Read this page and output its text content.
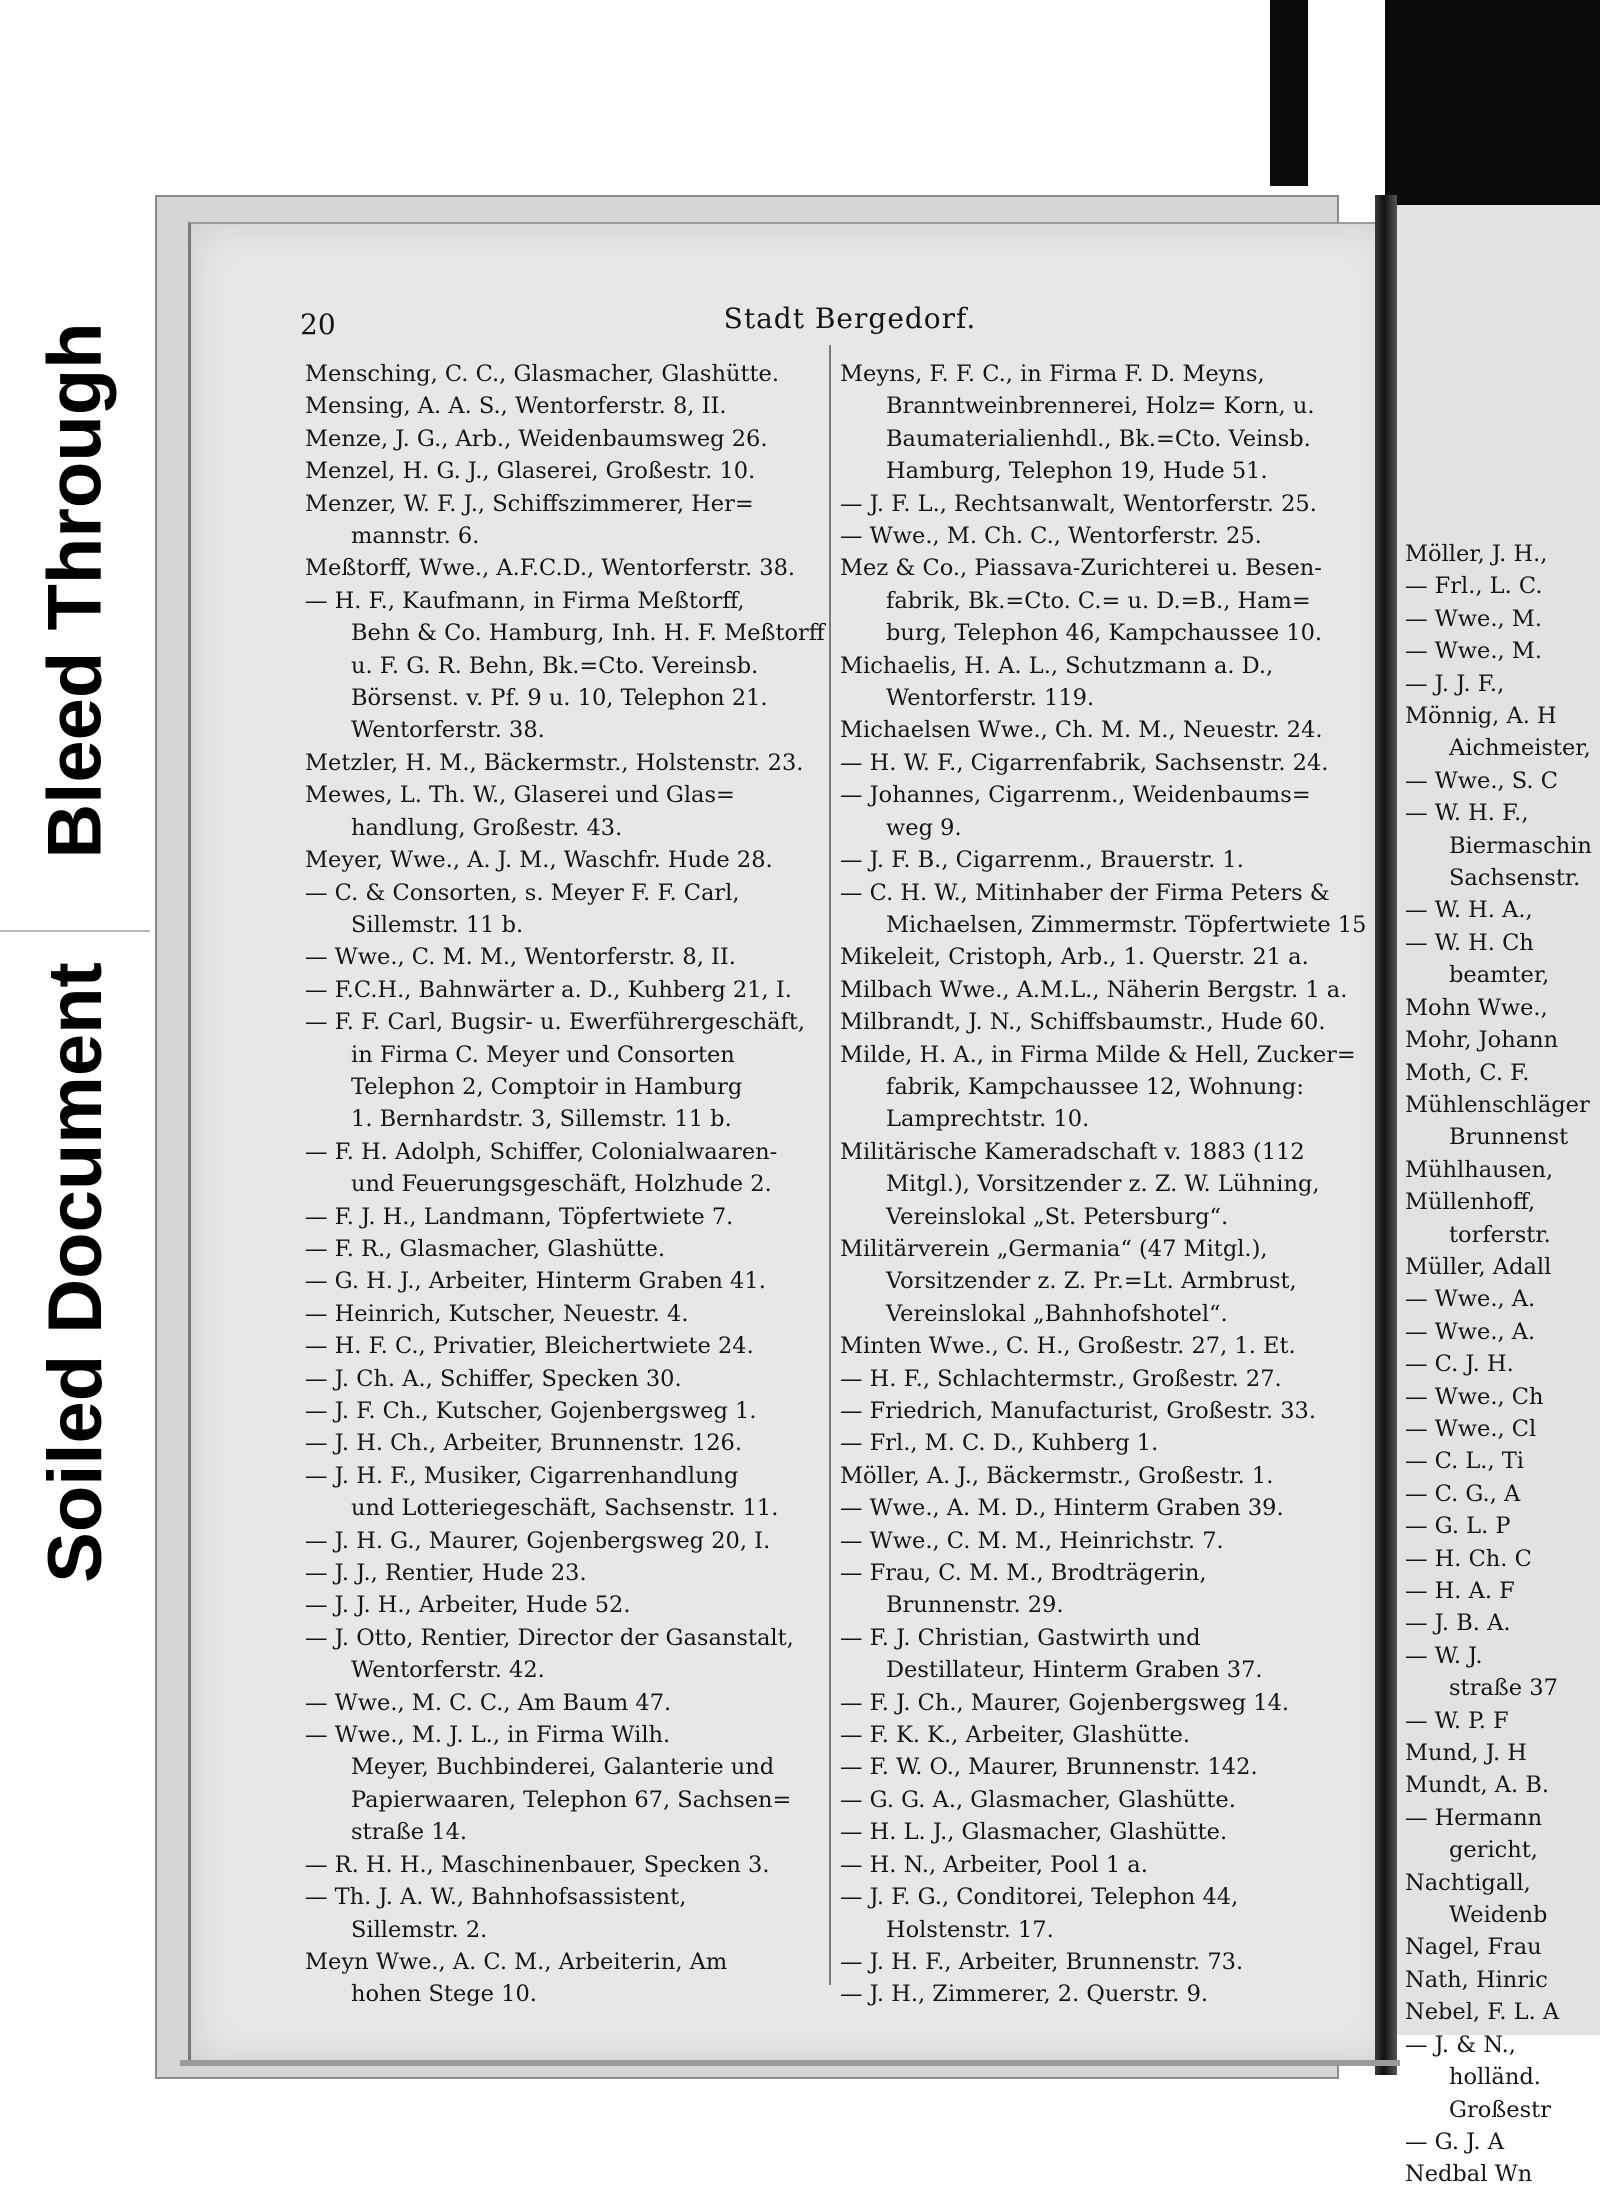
Bleed Through
Soiled Document
Möller, J. H.,
— Frl., L. C.
— Wwe., M.
— Wwe., M.
— J. J. F.,
Mönnig, A. H
Aichmeister,
— Wwe., S. C
— W. H. F.,
Biermaschin
Sachsenstr.
— W. H. A.,
— W. H. Ch
beamter,
Mohn Wwe.,
Mohr, Johann
Moth, C. F.
Mühlenschläger
Brunnenst
Mühlhausen,
Müllenhoff,
torferstr.
Müller, Adall
— Wwe., A.
— Wwe., A.
— C. J. H.
— Wwe., Ch
— Wwe., Cl
— C. L., Ti
— C. G., A
— G. L. P
— H. Ch. C
— H. A. F
— J. B. A.
— W. J.
straße 37
— W. P. F
Mund, J. H
Mundt, A. B.
— Hermann
gericht,
Nachtigall,
Weidenb
Nagel, Frau
Nath, Hinric
Nebel, F. L. A
— J. & N.,
holländ.
Großestr
— G. J. A
Nedbal Wn
20	Stadt Bergedorf.
Mensching, C. C., Glasmacher, Glashütte.
Mensing, A. A. S., Wentorferstr. 8, II.
Menze, J. G., Arb., Weidenbaumsweg 26.
Menzel, H. G. J., Glaserei, Großestr. 10.
Menzer, W. F. J., Schiffszimmerer, Her=
mannstr. 6.
Meßtorff, Wwe., A.F.C.D., Wentorferstr. 38.
— H. F., Kaufmann, in Firma Meßtorff,
Behn & Co. Hamburg, Inh. H. F. Meßtorff
u. F. G. R. Behn, Bk.=Cto. Vereinsb.
Börsenst. v. Pf. 9 u. 10, Telephon 21.
Wentorferstr. 38.
Metzler, H. M., Bäckermstr., Holstenstr. 23.
Mewes, L. Th. W., Glaserei und Glas=
handlung, Großestr. 43.
Meyer, Wwe., A. J. M., Waschfr. Hude 28.
— C. & Consorten, s. Meyer F. F. Carl,
Sillemstr. 11 b.
— Wwe., C. M. M., Wentorferstr. 8, II.
— F.C.H., Bahnwärter a. D., Kuhberg 21, I.
— F. F. Carl, Bugsir- u. Ewerführergeschäft,
in Firma C. Meyer und Consorten
Telephon 2, Comptoir in Hamburg
1. Bernhardstr. 3, Sillemstr. 11 b.
— F. H. Adolph, Schiffer, Colonialwaaren-
und Feuerungsgeschäft, Holzhude 2.
— F. J. H., Landmann, Töpfertwiete 7.
— F. R., Glasmacher, Glashütte.
— G. H. J., Arbeiter, Hinterm Graben 41.
— Heinrich, Kutscher, Neuestr. 4.
— H. F. C., Privatier, Bleichertwiete 24.
— J. Ch. A., Schiffer, Specken 30.
— J. F. Ch., Kutscher, Gojenbergsweg 1.
— J. H. Ch., Arbeiter, Brunnenstr. 126.
— J. H. F., Musiker, Cigarrenhandlung
und Lotteriegeschäft, Sachsenstr. 11.
— J. H. G., Maurer, Gojenbergsweg 20, I.
— J. J., Rentier, Hude 23.
— J. J. H., Arbeiter, Hude 52.
— J. Otto, Rentier, Director der Gasanstalt,
Wentorferstr. 42.
— Wwe., M. C. C., Am Baum 47.
— Wwe., M. J. L., in Firma Wilh.
Meyer, Buchbinderei, Galanterie und
Papierwaaren, Telephon 67, Sachsen=
straße 14.
— R. H. H., Maschinenbauer, Specken 3.
— Th. J. A. W., Bahnhofsassistent,
Sillemstr. 2.
Meyn Wwe., A. C. M., Arbeiterin, Am
hohen Stege 10.
Meyns, F. F. C., in Firma F. D. Meyns,
Branntweinbrennerei, Holz= Korn, u.
Baumaterialienhdl., Bk.=Cto. Veinsb.
Hamburg, Telephon 19, Hude 51.
— J. F. L., Rechtsanwalt, Wentorferstr. 25.
— Wwe., M. Ch. C., Wentorferstr. 25.
Mez & Co., Piassava-Zurichterei u. Besen-
fabrik, Bk.=Cto. C.= u. D.=B., Ham=
burg, Telephon 46, Kampchaussee 10.
Michaelis, H. A. L., Schutzmann a. D.,
Wentorferstr. 119.
Michaelsen Wwe., Ch. M. M., Neuestr. 24.
— H. W. F., Cigarrenfabrik, Sachsenstr. 24.
— Johannes, Cigarrenm., Weidenbaums=
weg 9.
— J. F. B., Cigarrenm., Brauerstr. 1.
— C. H. W., Mitinhaber der Firma Peters &
Michaelsen, Zimmermstr. Töpfertwiete 15
Mikeleit, Cristoph, Arb., 1. Querstr. 21 a.
Milbach Wwe., A.M.L., Näherin Bergstr. 1 a.
Milbrandt, J. N., Schiffsbaumstr., Hude 60.
Milde, H. A., in Firma Milde & Hell, Zucker=
fabrik, Kampchaussee 12, Wohnung:
Lamprechtstr. 10.
Militärische Kameradschaft v. 1883 (112
Mitgl.), Vorsitzender z. Z. W. Lühning,
Vereinslokal „St. Petersburg“.
Militärverein „Germania“ (47 Mitgl.),
Vorsitzender z. Z. Pr.=Lt. Armbrust,
Vereinslokal „Bahnhofshotel“.
Minten Wwe., C. H., Großestr. 27, 1. Et.
— H. F., Schlachtermstr., Großestr. 27.
— Friedrich, Manufacturist, Großestr. 33.
— Frl., M. C. D., Kuhberg 1.
Möller, A. J., Bäckermstr., Großestr. 1.
— Wwe., A. M. D., Hinterm Graben 39.
— Wwe., C. M. M., Heinrichstr. 7.
— Frau, C. M. M., Brodträgerin,
Brunnenstr. 29.
— F. J. Christian, Gastwirth und
Destillateur, Hinterm Graben 37.
— F. J. Ch., Maurer, Gojenbergsweg 14.
— F. K. K., Arbeiter, Glashütte.
— F. W. O., Maurer, Brunnenstr. 142.
— G. G. A., Glasmacher, Glashütte.
— H. L. J., Glasmacher, Glashütte.
— H. N., Arbeiter, Pool 1 a.
— J. F. G., Conditorei, Telephon 44,
Holstenstr. 17.
— J. H. F., Arbeiter, Brunnenstr. 73.
— J. H., Zimmerer, 2. Querstr. 9.
